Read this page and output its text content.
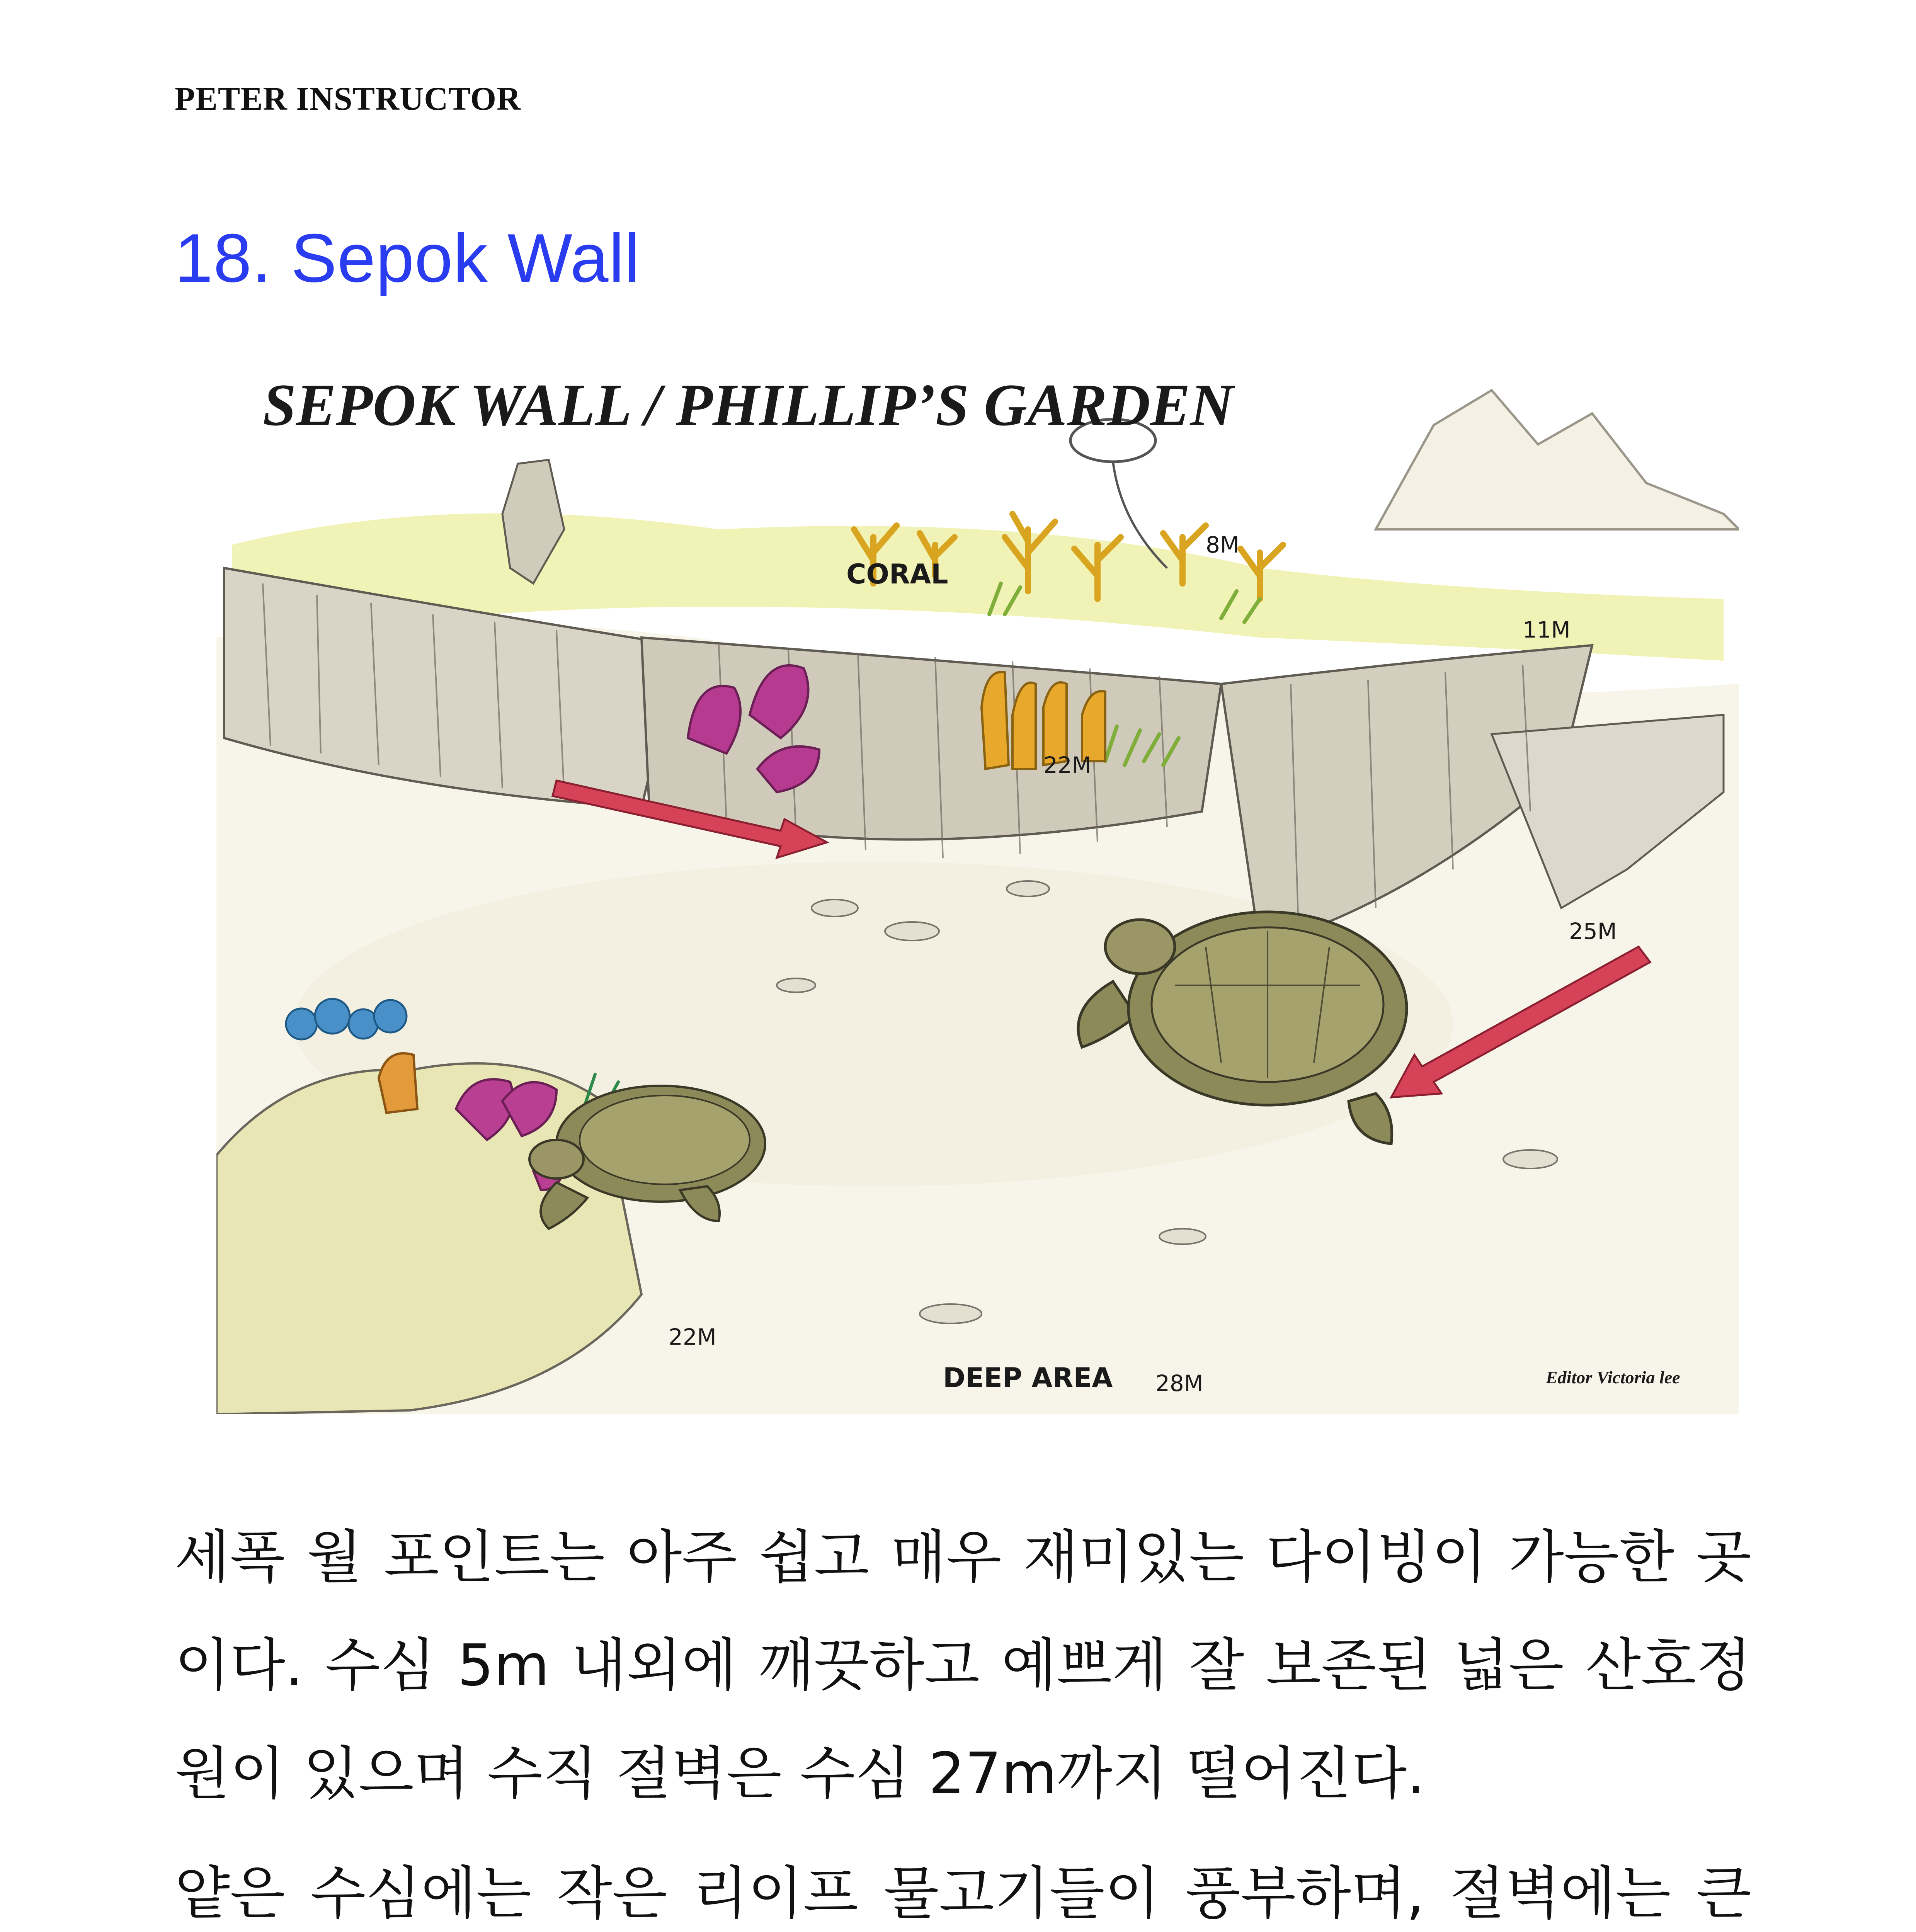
PETER INSTRUCTOR
18. Sepok Wall
SEPOK WALL / PHILLIP’S GARDEN
CORAL
8M
11M
22M
25M
22M
DEEP AREA 28M	Editor Victoria lee
세폭 월 포인트는 아주 쉽고 매우 재미있는 다이빙이 가능한 곳이다. 수심 5m 내외에 깨끗하고 예쁘게 잘 보존된 넓은 산호정원이 있으며 수직 절벽은 수심 27m까지 떨어진다.
얕은 수심에는 작은 리이프 물고기들이 풍부하며, 절벽에는 큰
